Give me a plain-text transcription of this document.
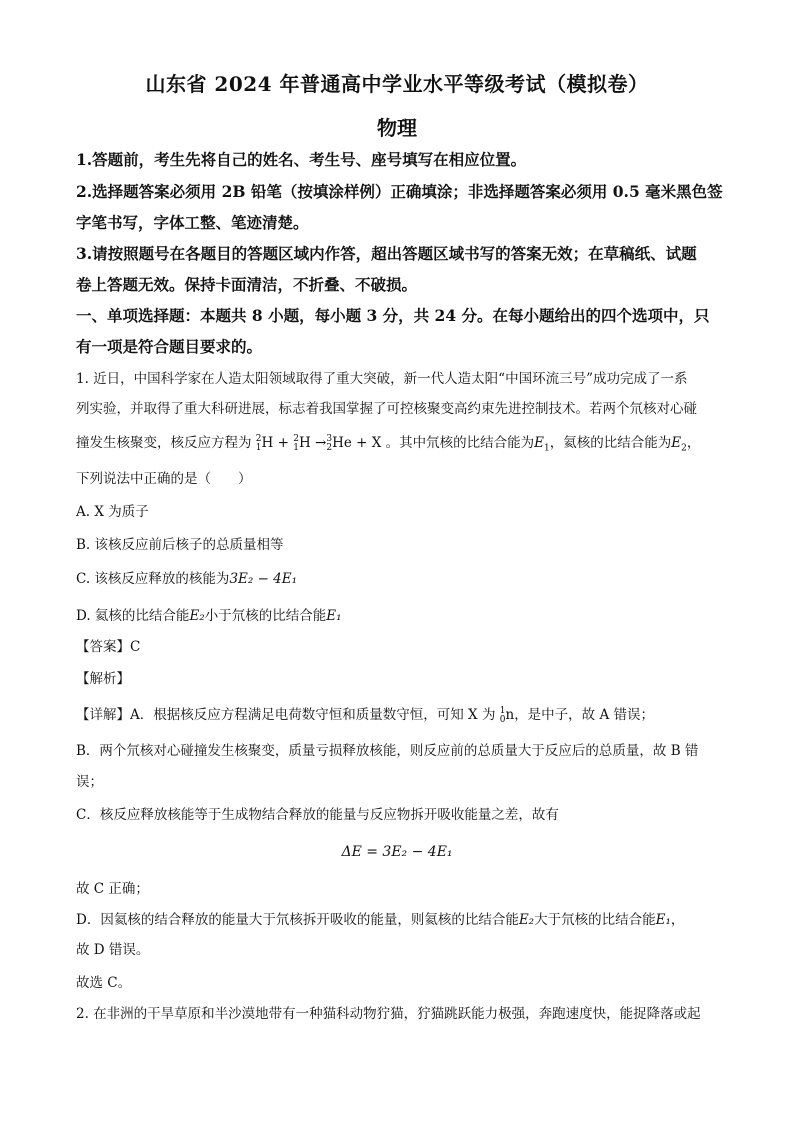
山东省 2024 年普通高中学业水平等级考试（模拟卷）
物理
1.答题前，考生先将自己的姓名、考生号、座号填写在相应位置。
2.选择题答案必须用 2B 铅笔（按填涂样例）正确填涂；非选择题答案必须用 0.5 毫米黑色签
字笔书写，字体工整、笔迹清楚。
3.请按照题号在各题目的答题区域内作答，超出答题区域书写的答案无效；在草稿纸、试题
卷上答题无效。保持卡面清洁，不折叠、不破损。
一、单项选择题：本题共 8 小题，每小题 3 分，共 24 分。在每小题给出的四个选项中，只
有一项是符合题目要求的。
1. 近日，中国科学家在人造太阳领域取得了重大突破，新一代人造太阳“中国环流三号”成功完成了一系
列实验，并取得了重大科研进展，标志着我国掌握了可控核聚变高约束先进控制技术。若两个氘核对心碰
撞发生核聚变，核反应方程为 2
1 H + 2
1 H → 3
2 He + X 。其中氘核的比结合能为$E_1$，氦核的比结合能为$E_2$，
下列说法中正确的是（　　）
A. X 为质子
B. 该核反应前后核子的总质量相等
C. 该核反应释放的核能为3E₂ − 4E₁
D. 氦核的比结合能E₂小于氘核的比结合能E₁
【答案】C
【解析】
【详解】A．根据核反应方程满足电荷数守恒和质量数守恒，可知 X 为 1
0 n，是中子，故 A 错误；
B．两个氘核对心碰撞发生核聚变，质量亏损释放核能，则反应前的总质量大于反应后的总质量，故 B 错
误；
C．核反应释放核能等于生成物结合释放的能量与反应物拆开吸收能量之差，故有
ΔE = 3E₂ − 4E₁
故 C 正确；
D．因氦核的结合释放的能量大于氘核拆开吸收的能量，则氦核的比结合能E₂大于氘核的比结合能E₁，
故 D 错误。
故选 C。
2. 在非洲的干旱草原和半沙漠地带有一种猫科动物狞猫，狞猫跳跃能力极强，奔跑速度快，能捉降落或起
